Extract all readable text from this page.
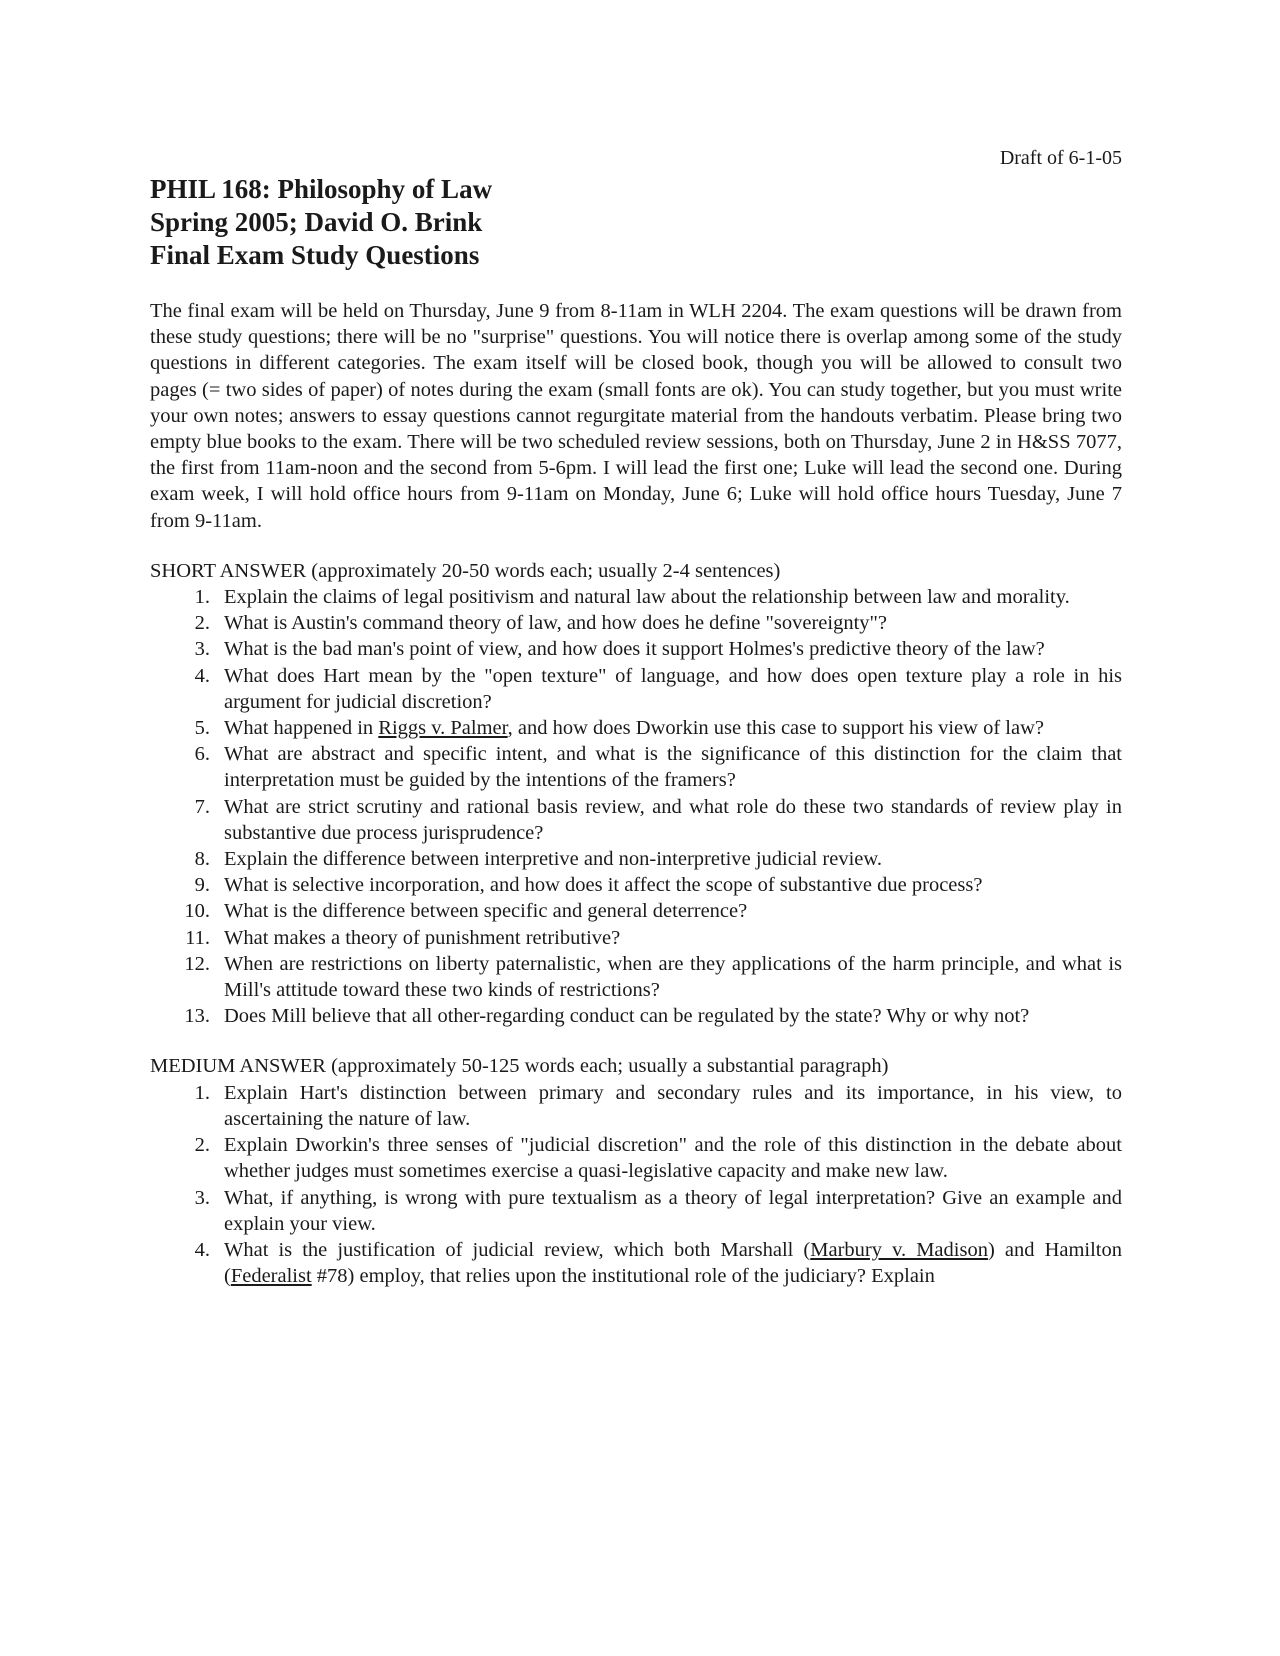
Draft of 6-1-05

PHIL 168: Philosophy of Law

Spring 2005; David O. Brink

Final Exam Study Questions

The final exam will be held on Thursday, June 9 from 8-11am in WLH 2204. The exam questions will be drawn from these study questions; there will be no "surprise" questions. You will notice there is overlap among some of the study questions in different categories. The exam itself will be closed book, though you will be allowed to consult two pages (= two sides of paper) of notes during the exam (small fonts are ok). You can study together, but you must write your own notes; answers to essay questions cannot regurgitate material from the handouts verbatim. Please bring two empty blue books to the exam. There will be two scheduled review sessions, both on Thursday, June 2 in H&SS 7077, the first from 11am-noon and the second from 5-6pm. I will lead the first one; Luke will lead the second one. During exam week, I will hold office hours from 9-11am on Monday, June 6; Luke will hold office hours Tuesday, June 7 from 9-11am.
SHORT ANSWER (approximately 20-50 words each; usually 2-4 sentences)
1. Explain the claims of legal positivism and natural law about the relationship between law and morality.
2. What is Austin's command theory of law, and how does he define "sovereignty"?
3. What is the bad man's point of view, and how does it support Holmes's predictive theory of the law?
4. What does Hart mean by the "open texture" of language, and how does open texture play a role in his argument for judicial discretion?
5. What happened in Riggs v. Palmer, and how does Dworkin use this case to support his view of law?
6. What are abstract and specific intent, and what is the significance of this distinction for the claim that interpretation must be guided by the intentions of the framers?
7. What are strict scrutiny and rational basis review, and what role do these two standards of review play in substantive due process jurisprudence?
8. Explain the difference between interpretive and non-interpretive judicial review.
9. What is selective incorporation, and how does it affect the scope of substantive due process?
10. What is the difference between specific and general deterrence?
11. What makes a theory of punishment retributive?
12. When are restrictions on liberty paternalistic, when are they applications of the harm principle, and what is Mill's attitude toward these two kinds of restrictions?
13. Does Mill believe that all other-regarding conduct can be regulated by the state? Why or why not?
MEDIUM ANSWER (approximately 50-125 words each; usually a substantial paragraph)
1. Explain Hart's distinction between primary and secondary rules and its importance, in his view, to ascertaining the nature of law.
2. Explain Dworkin's three senses of "judicial discretion" and the role of this distinction in the debate about whether judges must sometimes exercise a quasi-legislative capacity and make new law.
3. What, if anything, is wrong with pure textualism as a theory of legal interpretation? Give an example and explain your view.
4. What is the justification of judicial review, which both Marshall (Marbury v. Madison) and Hamilton (Federalist #78) employ, that relies upon the institutional role of the judiciary? Explain
